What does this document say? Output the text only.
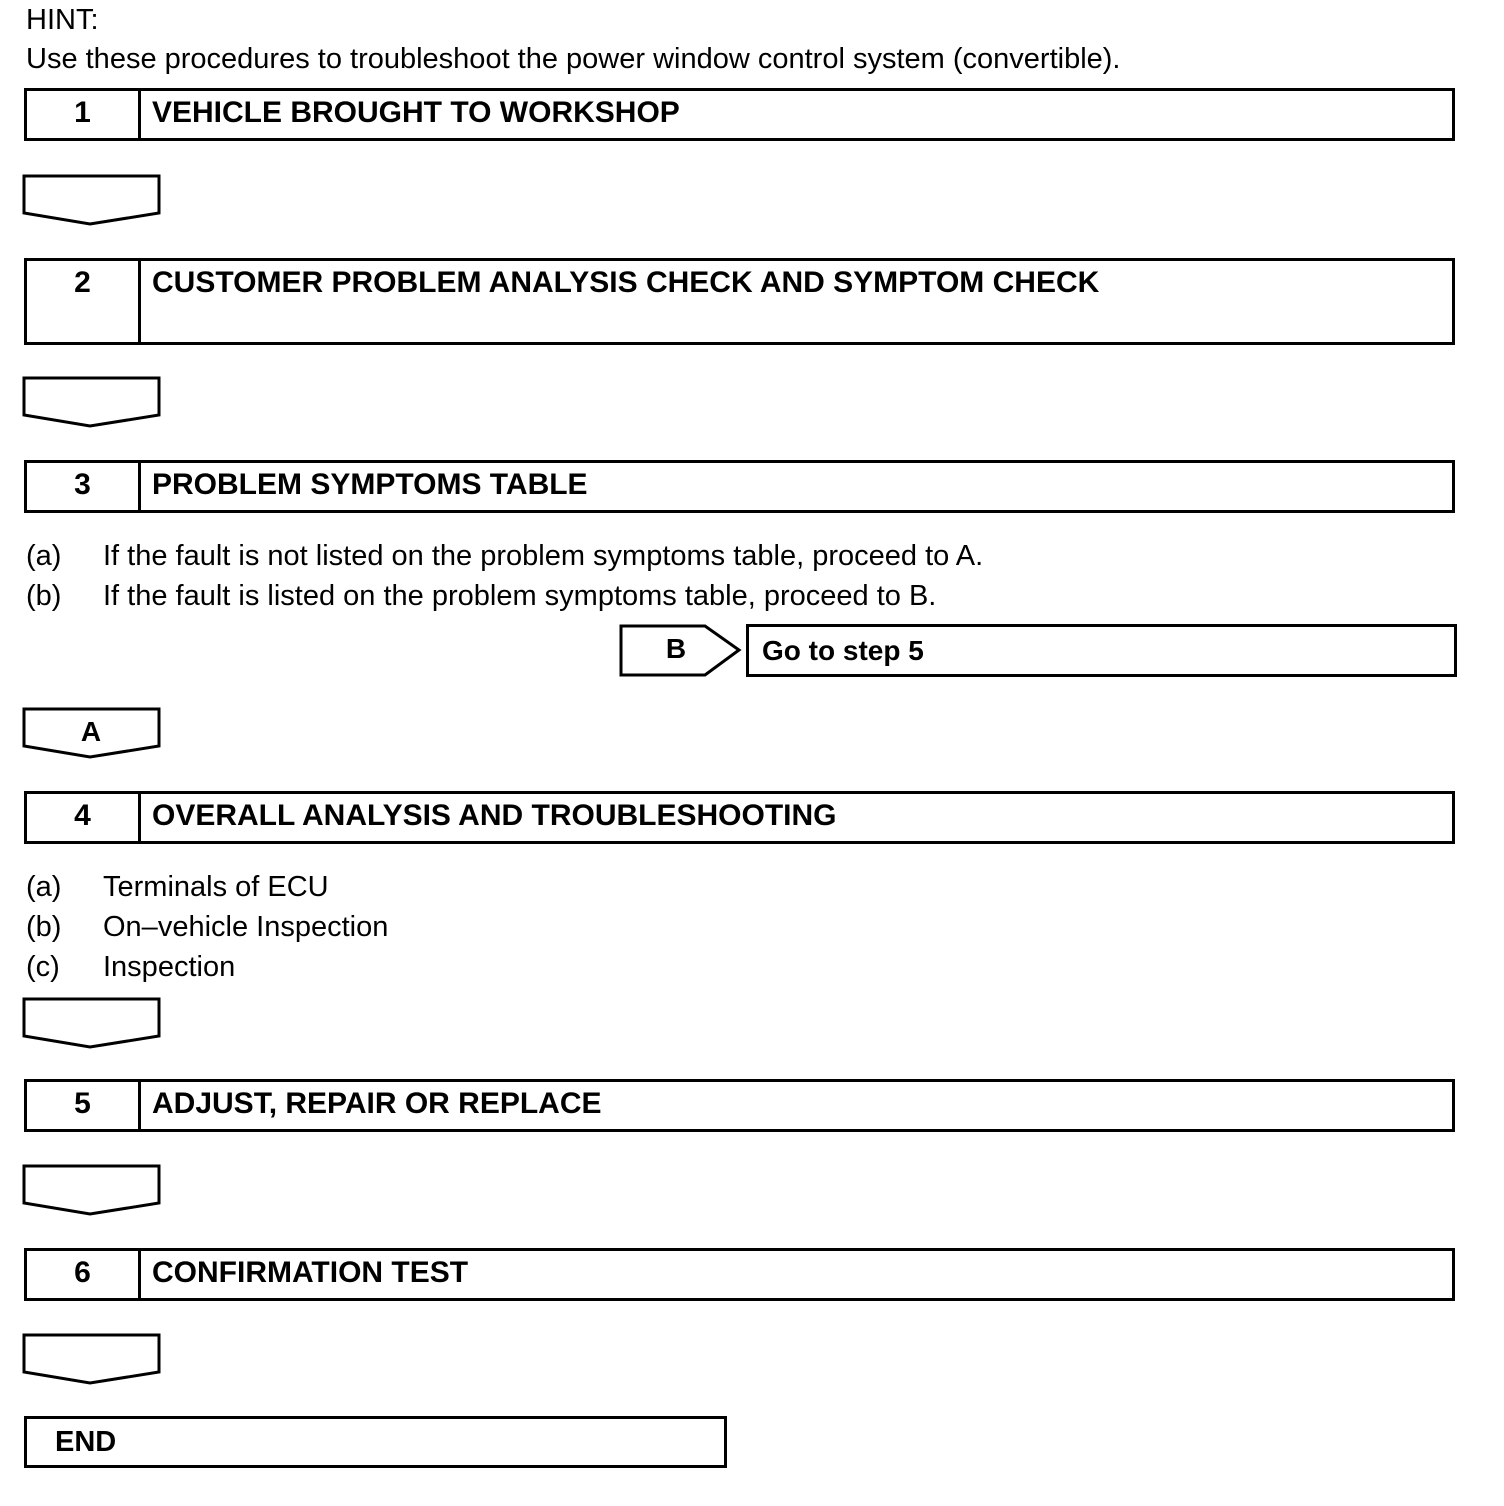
HINT:
Use these procedures to troubleshoot the power window control system (convertible).
1	VEHICLE BROUGHT TO WORKSHOP
2	CUSTOMER PROBLEM ANALYSIS CHECK AND SYMPTOM CHECK
3	PROBLEM SYMPTOMS TABLE
(a) If the fault is not listed on the problem symptoms table, proceed to A.
(b) If the fault is listed on the problem symptoms table, proceed to B.
B	Go to step 5
A
4	OVERALL ANALYSIS AND TROUBLESHOOTING
(a) Terminals of ECU
(b) On–vehicle Inspection
(c) Inspection
5	ADJUST, REPAIR OR REPLACE
6	CONFIRMATION TEST
END
